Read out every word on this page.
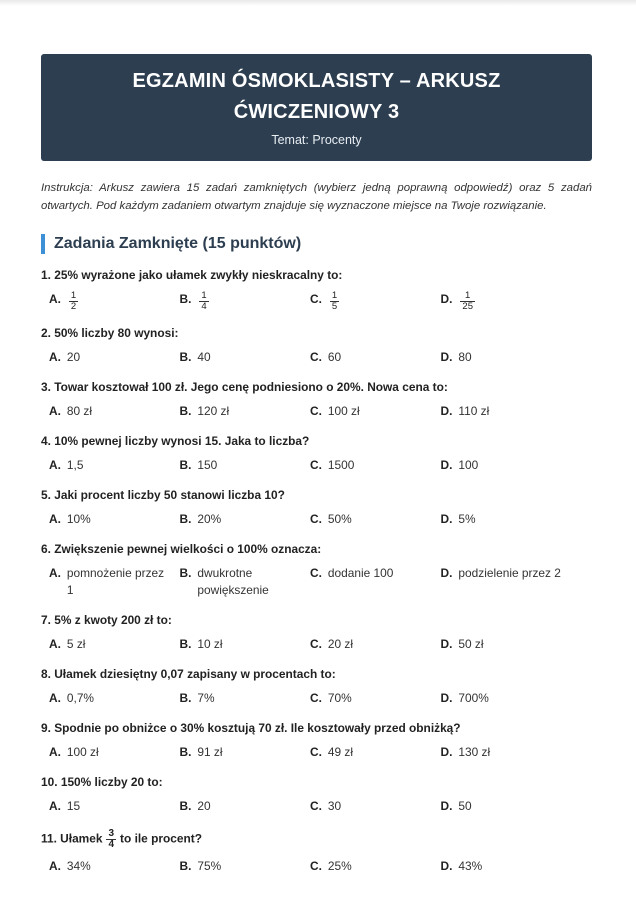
EGZAMIN ÓSMOKLASISTY – ARKUSZ
ĆWICZENIOWY 3
Temat: Procenty

Instrukcja: Arkusz zawiera 15 zadań zamkniętych (wybierz jedną poprawną odpowiedź) oraz 5 zadań otwartych. Pod każdym zadaniem otwartym znajduje się wyznaczone miejsce na Twoje rozwiązanie.

Zadania Zamknięte (15 punktów)
1. 25% wyrażone jako ułamek zwykły nieskracalny to:
A. $\frac{1}{2}$	B. $\frac{1}{4}$	C. $\frac{1}{5}$	D. $\frac{1}{25}$
2. 50% liczby 80 wynosi:
A. 20	B. 40	C. 60	D. 80
3. Towar kosztował 100 zł. Jego cenę podniesiono o 20%. Nowa cena to:
A. 80 zł	B. 120 zł	C. 100 zł	D. 110 zł
4. 10% pewnej liczby wynosi 15. Jaka to liczba?
A. 1,5	B. 150	C. 1500	D. 100
5. Jaki procent liczby 50 stanowi liczba 10?
A. 10%	B. 20%	C. 50%	D. 5%
6. Zwiększenie pewnej wielkości o 100% oznacza:
A. pomnożenie przez 1
B. dwukrotne powiększenie
C. dodanie 100	D. podzielenie przez 2
7. 5% z kwoty 200 zł to:
A. 5 zł	B. 10 zł	C. 20 zł	D. 50 zł
8. Ułamek dziesiętny 0,07 zapisany w procentach to:
A. 0,7%	B. 7%	C. 70%	D. 700%
9. Spodnie po obniżce o 30% kosztują 70 zł. Ile kosztowały przed obniżką?
A. 100 zł	B. 91 zł	C. 49 zł	D. 130 zł
10. 150% liczby 20 to:
A. 15	B. 20	C. 30	D. 50
11. Ułamek $\frac{3}{4}$ to ile procent?
A. 34%	B. 75%	C. 25%	D. 43%
